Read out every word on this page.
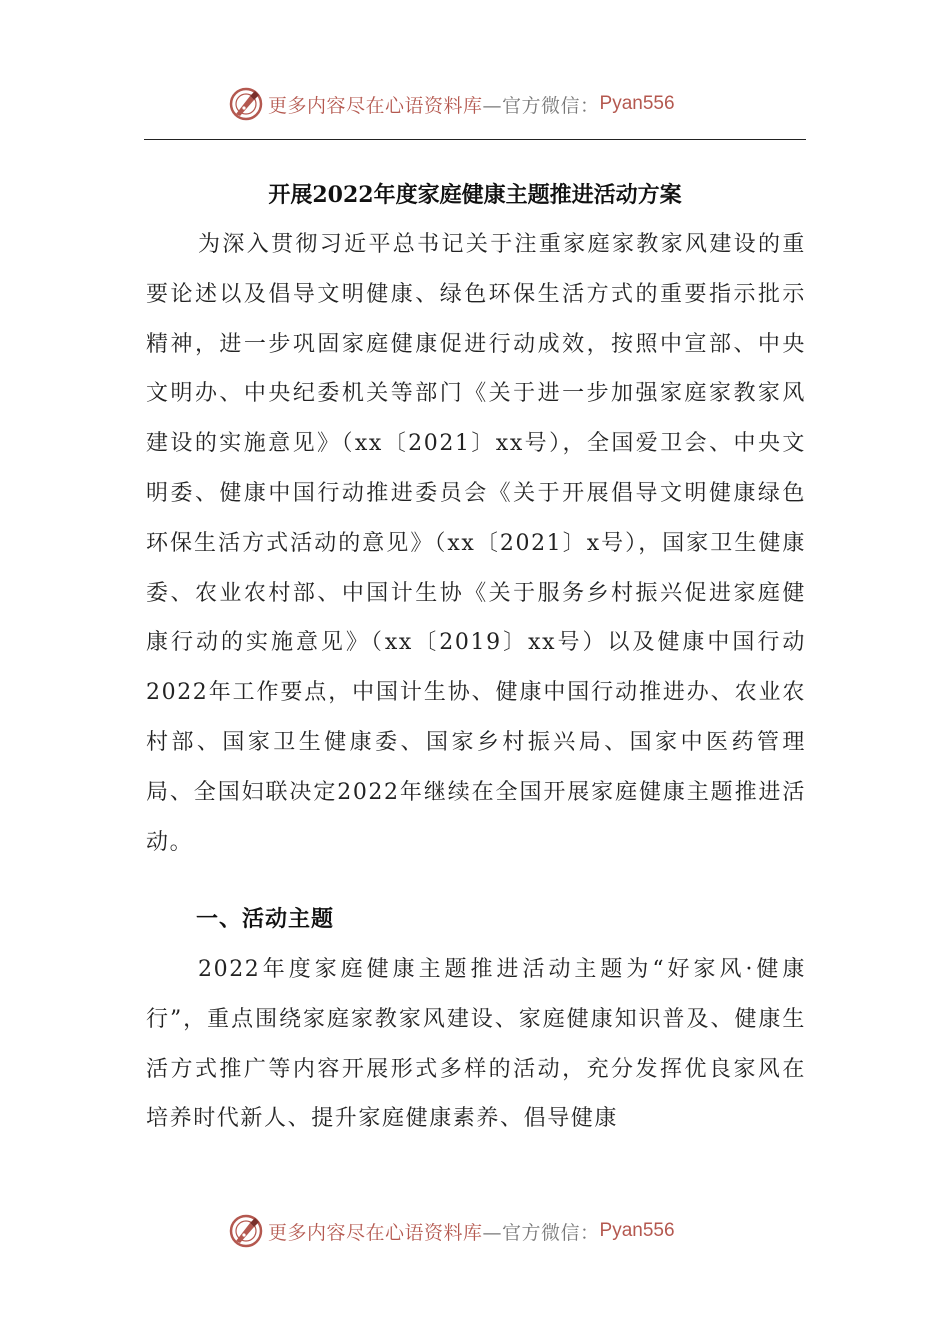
更多内容尽在心语资料库 —官方微信： Pyan556
开展2022年度家庭健康主题推进活动方案

为深入贯彻习近平总书记关于注重家庭家教家风建设的重要论述以及倡导文明健康、绿色环保生活方式的重要指示批示精神，进一步巩固家庭健康促进行动成效，按照中宣部、中央文明办、中央纪委机关等部门《关于进一步加强家庭家教家风建设的实施意见》（xx〔2021〕xx号），全国爱卫会、中央文明委、健康中国行动推进委员会《关于开展倡导文明健康绿色环保生活方式活动的意见》（xx〔2021〕x号），国家卫生健康委、农业农村部、中国计生协《关于服务乡村振兴促进家庭健康行动的实施意见》（xx〔2019〕xx号）以及健康中国行动2022年工作要点，中国计生协、健康中国行动推进办、农业农村部、国家卫生健康委、国家乡村振兴局、国家中医药管理局、全国妇联决定2022年继续在全国开展家庭健康主题推进活动。

一、活动主题

2022年度家庭健康主题推进活动主题为“好家风·健康行”，重点围绕家庭家教家风建设、家庭健康知识普及、健康生活方式推广等内容开展形式多样的活动，充分发挥优良家风在培养时代新人、提升家庭健康素养、倡导健康

更多内容尽在心语资料库 —官方微信： Pyan556
